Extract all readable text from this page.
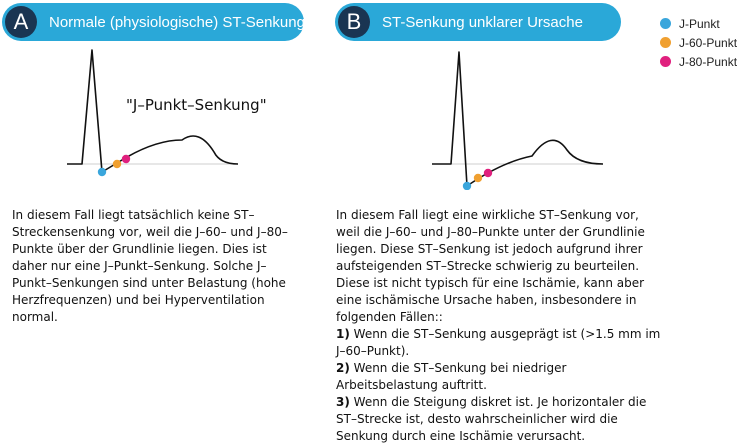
A	Normale (physiologische) ST-Senkung	B	ST-Senkung unklarer Ursache	J-Punkt
J-60-Punkt
J-80-Punkt
"J–Punkt–Senkung"

In diesem Fall liegt tatsächlich keine ST–Streckensenkung vor, weil die J–60– und J–80–Punkte über der Grundlinie liegen. Dies ist daher nur eine J–Punkt–Senkung. Solche J–Punkt–Senkungen sind unter Belastung (hohe Herzfrequenzen) und bei Hyperventilation normal.

In diesem Fall liegt eine wirkliche ST–Senkung vor, weil die J–60– und J–80–Punkte unter der Grundlinie liegen. Diese ST–Senkung ist jedoch aufgrund ihrer aufsteigenden ST–Strecke schwierig zu beurteilen. Diese ist nicht typisch für eine Ischämie, kann aber eine ischämische Ursache haben, insbesondere in folgenden Fällen::

1) Wenn die ST–Senkung ausgeprägt ist (>1.5 mm im J–60–Punkt).

2) Wenn die ST–Senkung bei niedriger Arbeitsbelastung auftritt.

3) Wenn die Steigung diskret ist. Je horizontaler die ST–Strecke ist, desto wahrscheinlicher wird die Senkung durch eine Ischämie verursacht.
